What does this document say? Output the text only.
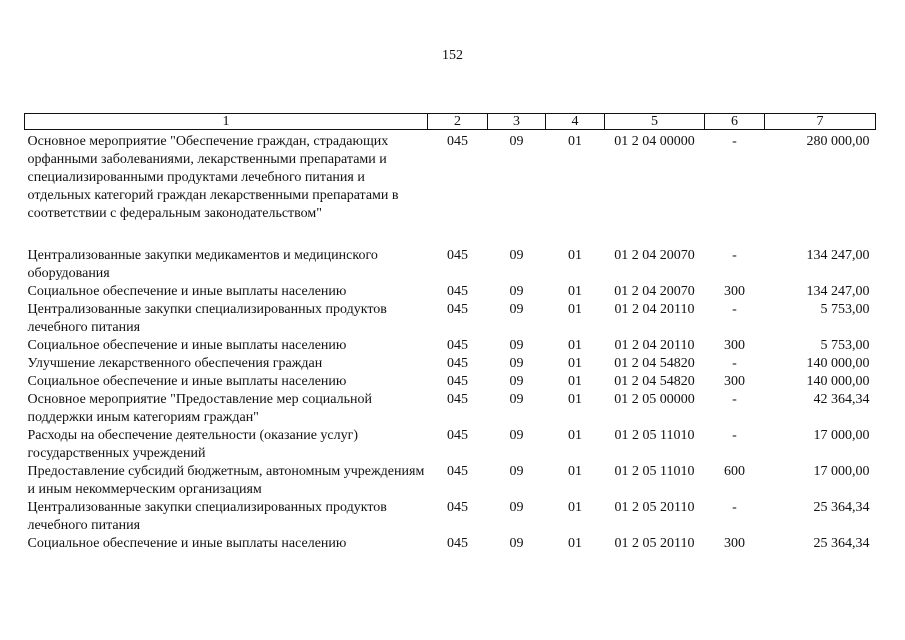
152
1	2	3	4	5	6	7
Основное мероприятие "Обеспечение граждан, страдающих орфанными заболеваниями, лекарственными препаратами и специализированными продуктами лечебного питания и отдельных категорий граждан лекарственными препаратами в соответствии с федеральным законодательством"	045	09	01	01 2 04 00000	-	280 000,00

Централизованные закупки медикаментов и медицинского оборудования	045	09	01	01 2 04 20070	-	134 247,00
Социальное обеспечение и иные выплаты населению	045	09	01	01 2 04 20070	300	134 247,00
Централизованные закупки специализированных продуктов лечебного питания	045	09	01	01 2 04 20110	-	5 753,00
Социальное обеспечение и иные выплаты населению	045	09	01	01 2 04 20110	300	5 753,00
Улучшение лекарственного обеспечения граждан	045	09	01	01 2 04 54820	-	140 000,00
Социальное обеспечение и иные выплаты населению	045	09	01	01 2 04 54820	300	140 000,00
Основное мероприятие "Предоставление мер социальной поддержки иным категориям граждан"	045	09	01	01 2 05 00000	-	42 364,34
Расходы на обеспечение деятельности (оказание услуг) государственных учреждений	045	09	01	01 2 05 11010	-	17 000,00
Предоставление субсидий бюджетным, автономным учреждениям и иным некоммерческим организациям	045	09	01	01 2 05 11010	600	17 000,00
Централизованные закупки специализированных продуктов лечебного питания	045	09	01	01 2 05 20110	-	25 364,34
Социальное обеспечение и иные выплаты населению	045	09	01	01 2 05 20110	300	25 364,34
